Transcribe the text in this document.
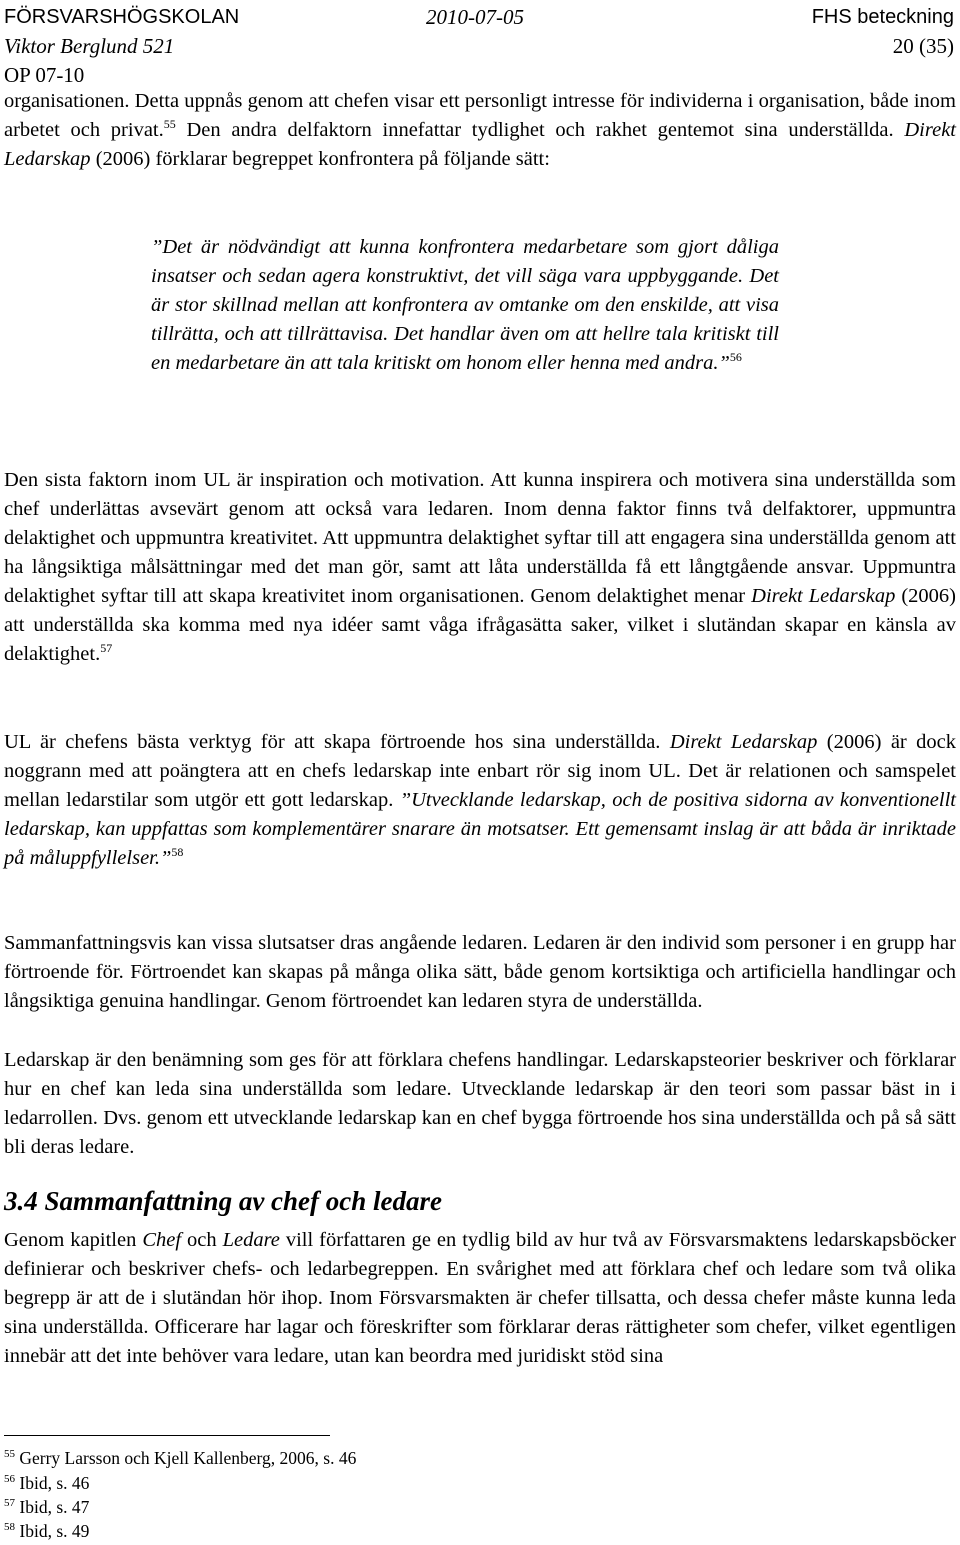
FÖRSVARSHÖGSKOLAN	2010-07-05	FHS beteckning
Viktor Berglund 521	20 (35)
OP 07-10
organisationen. Detta uppnås genom att chefen visar ett personligt intresse för individerna i organisation, både inom arbetet och privat.$^{55}$ Den andra delfaktorn innefattar tydlighet och rakhet gentemot sina underställda. Direkt Ledarskap (2006) förklarar begreppet konfrontera på följande sätt:
”Det är nödvändigt att kunna konfrontera medarbetare som gjort dåliga insatser och sedan agera konstruktivt, det vill säga vara uppbyggande. Det är stor skillnad mellan att konfrontera av omtanke om den enskilde, att visa tillrätta, och att tillrättavisa. Det handlar även om att hellre tala kritiskt till en medarbetare än att tala kritiskt om honom eller henna med andra.”$^{56}$
Den sista faktorn inom UL är inspiration och motivation. Att kunna inspirera och motivera sina underställda som chef underlättas avsevärt genom att också vara ledaren. Inom denna faktor finns två delfaktorer, uppmuntra delaktighet och uppmuntra kreativitet. Att uppmuntra delaktighet syftar till att engagera sina underställda genom att ha långsiktiga målsättningar med det man gör, samt att låta underställda få ett långtgående ansvar. Uppmuntra delaktighet syftar till att skapa kreativitet inom organisationen. Genom delaktighet menar Direkt Ledarskap (2006) att underställda ska komma med nya idéer samt våga ifrågasätta saker, vilket i slutändan skapar en känsla av delaktighet.$^{57}$
UL är chefens bästa verktyg för att skapa förtroende hos sina underställda. Direkt Ledarskap (2006) är dock noggrann med att poängtera att en chefs ledarskap inte enbart rör sig inom UL. Det är relationen och samspelet mellan ledarstilar som utgör ett gott ledarskap. ”Utvecklande ledarskap, och de positiva sidorna av konventionellt ledarskap, kan uppfattas som komplementärer snarare än motsatser. Ett gemensamt inslag är att båda är inriktade på måluppfyllelser.”$^{58}$
Sammanfattningsvis kan vissa slutsatser dras angående ledaren. Ledaren är den individ som personer i en grupp har förtroende för. Förtroendet kan skapas på många olika sätt, både genom kortsiktiga och artificiella handlingar och långsiktiga genuina handlingar. Genom förtroendet kan ledaren styra de underställda.
Ledarskap är den benämning som ges för att förklara chefens handlingar. Ledarskapsteorier beskriver och förklarar hur en chef kan leda sina underställda som ledare. Utvecklande ledarskap är den teori som passar bäst in i ledarrollen. Dvs. genom ett utvecklande ledarskap kan en chef bygga förtroende hos sina underställda och på så sätt bli deras ledare.
3.4 Sammanfattning av chef och ledare
Genom kapitlen Chef och Ledare vill författaren ge en tydlig bild av hur två av Försvarsmaktens ledarskapsböcker definierar och beskriver chefs- och ledarbegreppen. En svårighet med att förklara chef och ledare som två olika begrepp är att de i slutändan hör ihop. Inom Försvarsmakten är chefer tillsatta, och dessa chefer måste kunna leda sina underställda. Officerare har lagar och föreskrifter som förklarar deras rättigheter som chefer, vilket egentligen innebär att det inte behöver vara ledare, utan kan beordra med juridiskt stöd sina
$^{55}$ Gerry Larsson och Kjell Kallenberg, 2006, s. 46
$^{56}$ Ibid, s. 46
$^{57}$ Ibid, s. 47
$^{58}$ Ibid, s. 49
